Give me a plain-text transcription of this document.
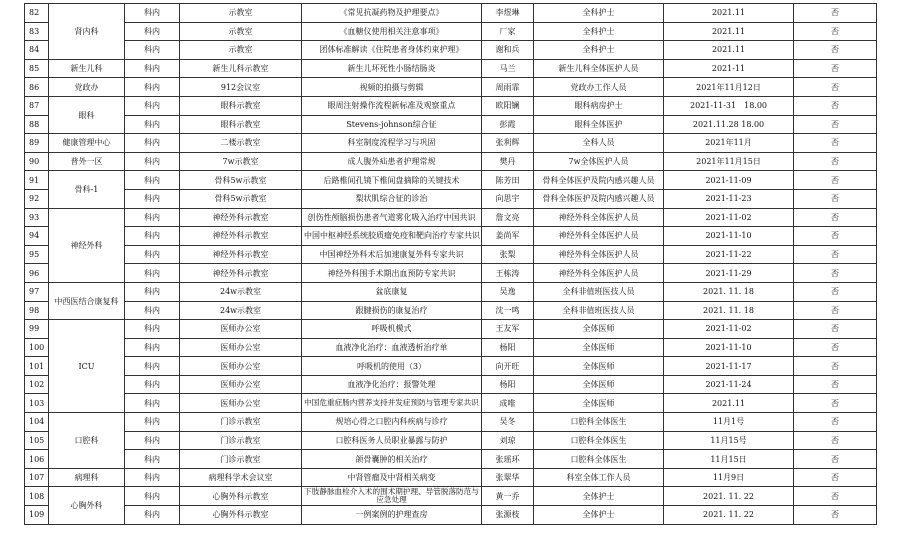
82	肾内科	科内	示教室	《常见抗凝药物及护理要点》	李煜琳	全科护士	2021.11	否
83		科内	示教室	《血糖仪使用相关注意事项》	厂家	全科护士	2021.11	否
84		科内	示教室	团体标准解读《住院患者身体约束护理》	谢和兵	全科护士	2021.11	否
85	新生儿科	科内	新生儿科示教室	新生儿坏死性小肠结肠炎	马兰	新生儿科全体医护人员	2021-11	否
86	党政办	科内	912会议室	视频的拍摄与剪辑	周雨霏	党政办工作人员	2021年11月12日	否
87	眼科	科内	眼科示教室	眼周注射操作流程新标准及观察重点	欧阳镧	眼科病房护士	2021-11-31　18.00	否
88		科内	眼科示教室	Stevens-johnson综合征	彭霞	眼科全体医护	2021.11.28 18.00	否
89	健康管理中心	科内	二楼示教室	科室制度流程学习与巩固	张利辉	全科人员	2021年11月	否
90	普外一区	科内	7w示教室	成人腹外疝患者护理常规	樊丹	7w全体医护人员	2021年11月15日	否
91	骨科-1	科内	骨科5w示教室	后路椎间孔镜下椎间盘摘除的关键技术	陈芳田	骨科全体医护及院内感兴趣人员	2021-11-09	否
92		科内	骨科5w示教室	梨状肌综合征的诊治	向思宇	骨科全体医护及院内感兴趣人员	2021-11-23	否
93	神经外科	科内	神经外科示教室	创伤性颅脑损伤患者气道雾化吸入治疗中国共识	詹文亮	神经外科全体医护人员	2021-11-02	否
94		科内	神经外科示教室	中国中枢神经系统胶质瘤免疫和靶向治疗专家共识	姜尚军	神经外科全体医护人员	2021-11-10	否
95		科内	神经外科示教室	中国神经外科术后加速康复外科专家共识	张梨	神经外科全体医护人员	2021-11-22	否
96		科内	神经外科示教室	神经外科围手术期出血预防专家共识	王栋涛	神经外科全体医护人员	2021-11-29	否
97	中西医结合康复科	科内	24w示教室	盆底康复	吴逸	全科非值班医技人员	2021. 11. 18	否
98		科内	24w示教室	跟腱损伤的康复治疗	沈一鸣	全科非值班医技人员	2021. 11. 18	否
99	ICU	科内	医师办公室	呼吸机模式	王友军	全体医师	2021-11-02	否
100		科内	医师办公室	血液净化治疗：血液透析治疗单	杨阳	全体医师	2021-11-10	否
101		科内	医师办公室	呼吸机的使用（3）	向开旺	全体医师	2021-11-17	否
102		科内	医师办公室	血液净化治疗：报警处理	杨阳	全体医师	2021-11-24	否
103		科内	医师办公室	中国危重症肠内营养支持并发症预防与管理专家共识	成唯	全体医师	2021.11	否
104	口腔科	科内	门诊示教室	规培心得之口腔内科疾病与诊疗	吴冬	口腔科全体医生	11月1号	否
105		科内	门诊示教室	口腔科医务人员职业暴露与防护	刘琼	口腔科全体医生	11月15号	否
106		科内	门诊示教室	颌骨囊肿的相关治疗	张瑶环	口腔科全体医生	11月15日	否
107	病理科	科内	病理科学术会议室	中肾管瘤及中肾相关病变	张翠华	科室全体工作人员	11月9日	否
108	心胸外科	科内	心胸外科示教室	下肢静脉血栓介入术的围术期护理、导管脱落防范与应急处理	黄一乔	全体护士	2021. 11. 22	否
109		科内	心胸外科示教室	一例案例的护理查房	张源枝	全体护士	2021. 11. 22	否
